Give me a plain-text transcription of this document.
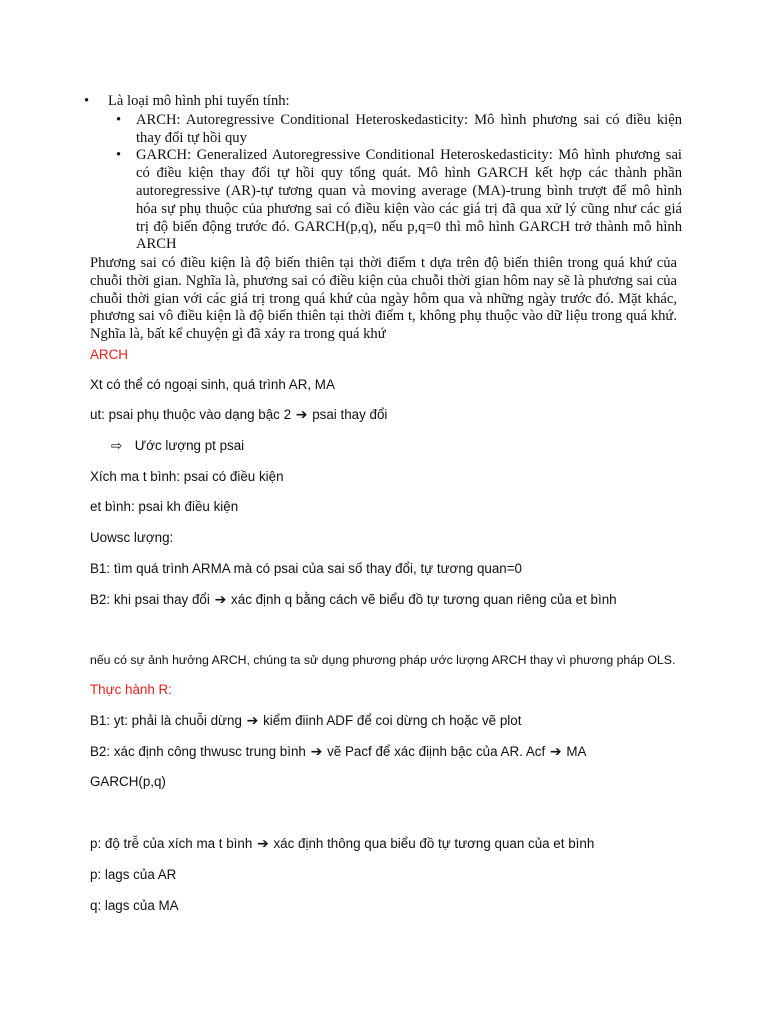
• Là loại mô hình phi tuyến tính:
• ARCH: Autoregressive Conditional Heteroskedasticity: Mô hình phương sai có điều kiện thay đổi tự hồi quy
• GARCH: Generalized Autoregressive Conditional Heteroskedasticity: Mô hình phương sai có điều kiện thay đổi tự hồi quy tổng quát. Mô hình GARCH kết hợp các thành phần autoregressive (AR)-tự tương quan và moving average (MA)-trung bình trượt để mô hình hóa sự phụ thuộc của phương sai có điều kiện vào các giá trị đã qua xử lý cũng như các giá trị độ biến động trước đó. GARCH(p,q), nếu p,q=0 thì mô hình GARCH trở thành mô hình ARCH
Phương sai có điều kiện là độ biến thiên tại thời điểm t dựa trên độ biến thiên trong quá khứ của chuỗi thời gian. Nghĩa là, phương sai có điều kiện của chuỗi thời gian hôm nay sẽ là phương sai của chuỗi thời gian với các giá trị trong quá khứ của ngày hôm qua và những ngày trước đó. Mặt khác, phương sai vô điều kiện là độ biến thiên tại thời điểm t, không phụ thuộc vào dữ liệu trong quá khứ. Nghĩa là, bất kể chuyện gì đã xảy ra trong quá khứ
ARCH
Xt có thể có ngoại sinh, quá trình AR, MA
ut: psai phụ thuộc vào dạng bậc 2 ➔ psai thay đổi
⇨ Ước lượng pt psai
Xích ma t bình: psai có điều kiện
et bình: psai kh điều kiện
Uowsc lượng:
B1: tìm quá trình ARMA mà có psai của sai số thay đổi, tự tương quan=0
B2: khi psai thay đổi ➔ xác định q bằng cách vẽ biểu đồ tự tương quan riêng của et bình
nếu có sự ảnh hưởng ARCH, chúng ta sử dụng phương pháp ước lượng ARCH thay vì phương pháp OLS.
Thực hành R:
B1: yt: phải là chuỗi dừng ➔ kiểm điinh ADF để coi dừng ch hoặc vẽ plot
B2: xác định công thwusc trung bình ➔ vẽ Pacf để xác điịnh bậc của AR. Acf ➔ MA
GARCH(p,q)
p: độ trễ của xích ma t bình ➔ xác định thông qua biểu đồ tự tương quan của et bình
p: lags của AR
q: lags của MA
